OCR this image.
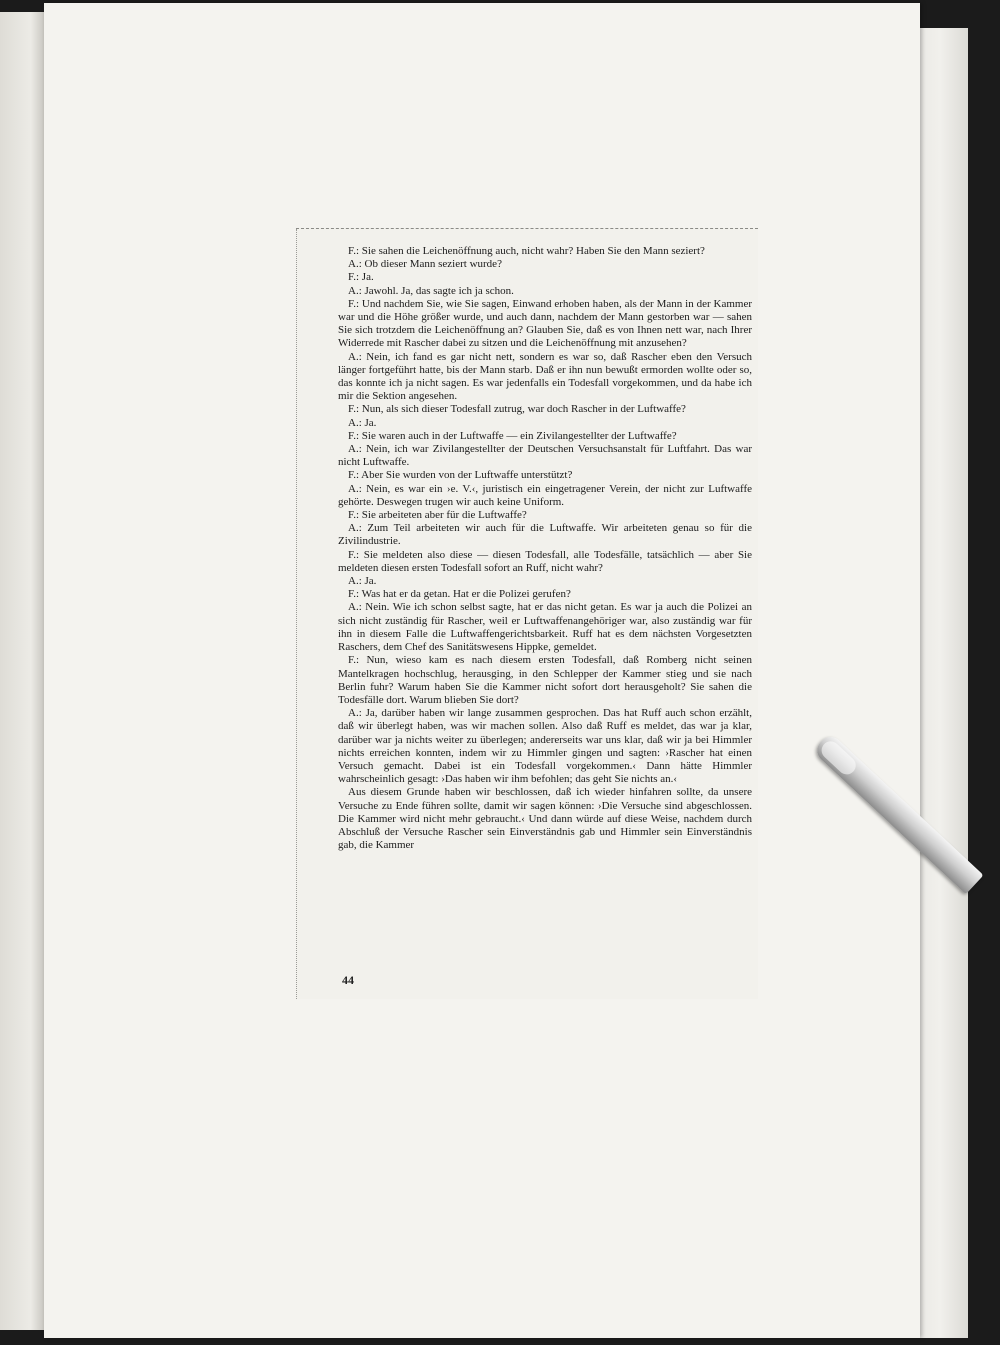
F.: Sie sahen die Leichenöffnung auch, nicht wahr? Haben Sie den Mann seziert?

A.: Ob dieser Mann seziert wurde?

F.: Ja.

A.: Jawohl. Ja, das sagte ich ja schon.

F.: Und nachdem Sie, wie Sie sagen, Einwand erhoben haben, als der Mann in der Kammer war und die Höhe größer wurde, und auch dann, nachdem der Mann gestorben war — sahen Sie sich trotzdem die Leichenöffnung an? Glauben Sie, daß es von Ihnen nett war, nach Ihrer Widerrede mit Rascher dabei zu sitzen und die Leichenöffnung mit anzusehen?

A.: Nein, ich fand es gar nicht nett, sondern es war so, daß Rascher eben den Versuch länger fortgeführt hatte, bis der Mann starb. Daß er ihn nun bewußt ermorden wollte oder so, das konnte ich ja nicht sagen. Es war jedenfalls ein Todesfall vorgekommen, und da habe ich mir die Sektion angesehen.

F.: Nun, als sich dieser Todesfall zutrug, war doch Rascher in der Luftwaffe?

A.: Ja.

F.: Sie waren auch in der Luftwaffe — ein Zivilangestellter der Luftwaffe?

A.: Nein, ich war Zivilangestellter der Deutschen Versuchsanstalt für Luftfahrt. Das war nicht Luftwaffe.

F.: Aber Sie wurden von der Luftwaffe unterstützt?

A.: Nein, es war ein ›e. V.‹, juristisch ein eingetragener Verein, der nicht zur Luftwaffe gehörte. Deswegen trugen wir auch keine Uniform.

F.: Sie arbeiteten aber für die Luftwaffe?

A.: Zum Teil arbeiteten wir auch für die Luftwaffe. Wir arbeiteten genau so für die Zivilindustrie.

F.: Sie meldeten also diese — diesen Todesfall, alle Todesfälle, tatsächlich — aber Sie meldeten diesen ersten Todesfall sofort an Ruff, nicht wahr?

A.: Ja.

F.: Was hat er da getan. Hat er die Polizei gerufen?

A.: Nein. Wie ich schon selbst sagte, hat er das nicht getan. Es war ja auch die Polizei an sich nicht zuständig für Rascher, weil er Luftwaffenangehöriger war, also zuständig war für ihn in diesem Falle die Luftwaffengerichtsbarkeit. Ruff hat es dem nächsten Vorgesetzten Raschers, dem Chef des Sanitätswesens Hippke, gemeldet.

F.: Nun, wieso kam es nach diesem ersten Todesfall, daß Romberg nicht seinen Mantelkragen hochschlug, herausging, in den Schlepper der Kammer stieg und sie nach Berlin fuhr? Warum haben Sie die Kammer nicht sofort dort herausgeholt? Sie sahen die Todesfälle dort. Warum blieben Sie dort?

A.: Ja, darüber haben wir lange zusammen gesprochen. Das hat Ruff auch schon erzählt, daß wir überlegt haben, was wir machen sollen. Also daß Ruff es meldet, das war ja klar, darüber war ja nichts weiter zu überlegen; andererseits war uns klar, daß wir ja bei Himmler nichts erreichen konnten, indem wir zu Himmler gingen und sagten: ›Rascher hat einen Versuch gemacht. Dabei ist ein Todesfall vorgekommen.‹ Dann hätte Himmler wahrscheinlich gesagt: ›Das haben wir ihm befohlen; das geht Sie nichts an.‹

Aus diesem Grunde haben wir beschlossen, daß ich wieder hinfahren sollte, da unsere Versuche zu Ende führen sollte, damit wir sagen können: ›Die Versuche sind abgeschlossen. Die Kammer wird nicht mehr gebraucht.‹ Und dann würde auf diese Weise, nachdem durch Abschluß der Versuche Rascher sein Einverständnis gab und Himmler sein Einverständnis gab, die Kammer

44
